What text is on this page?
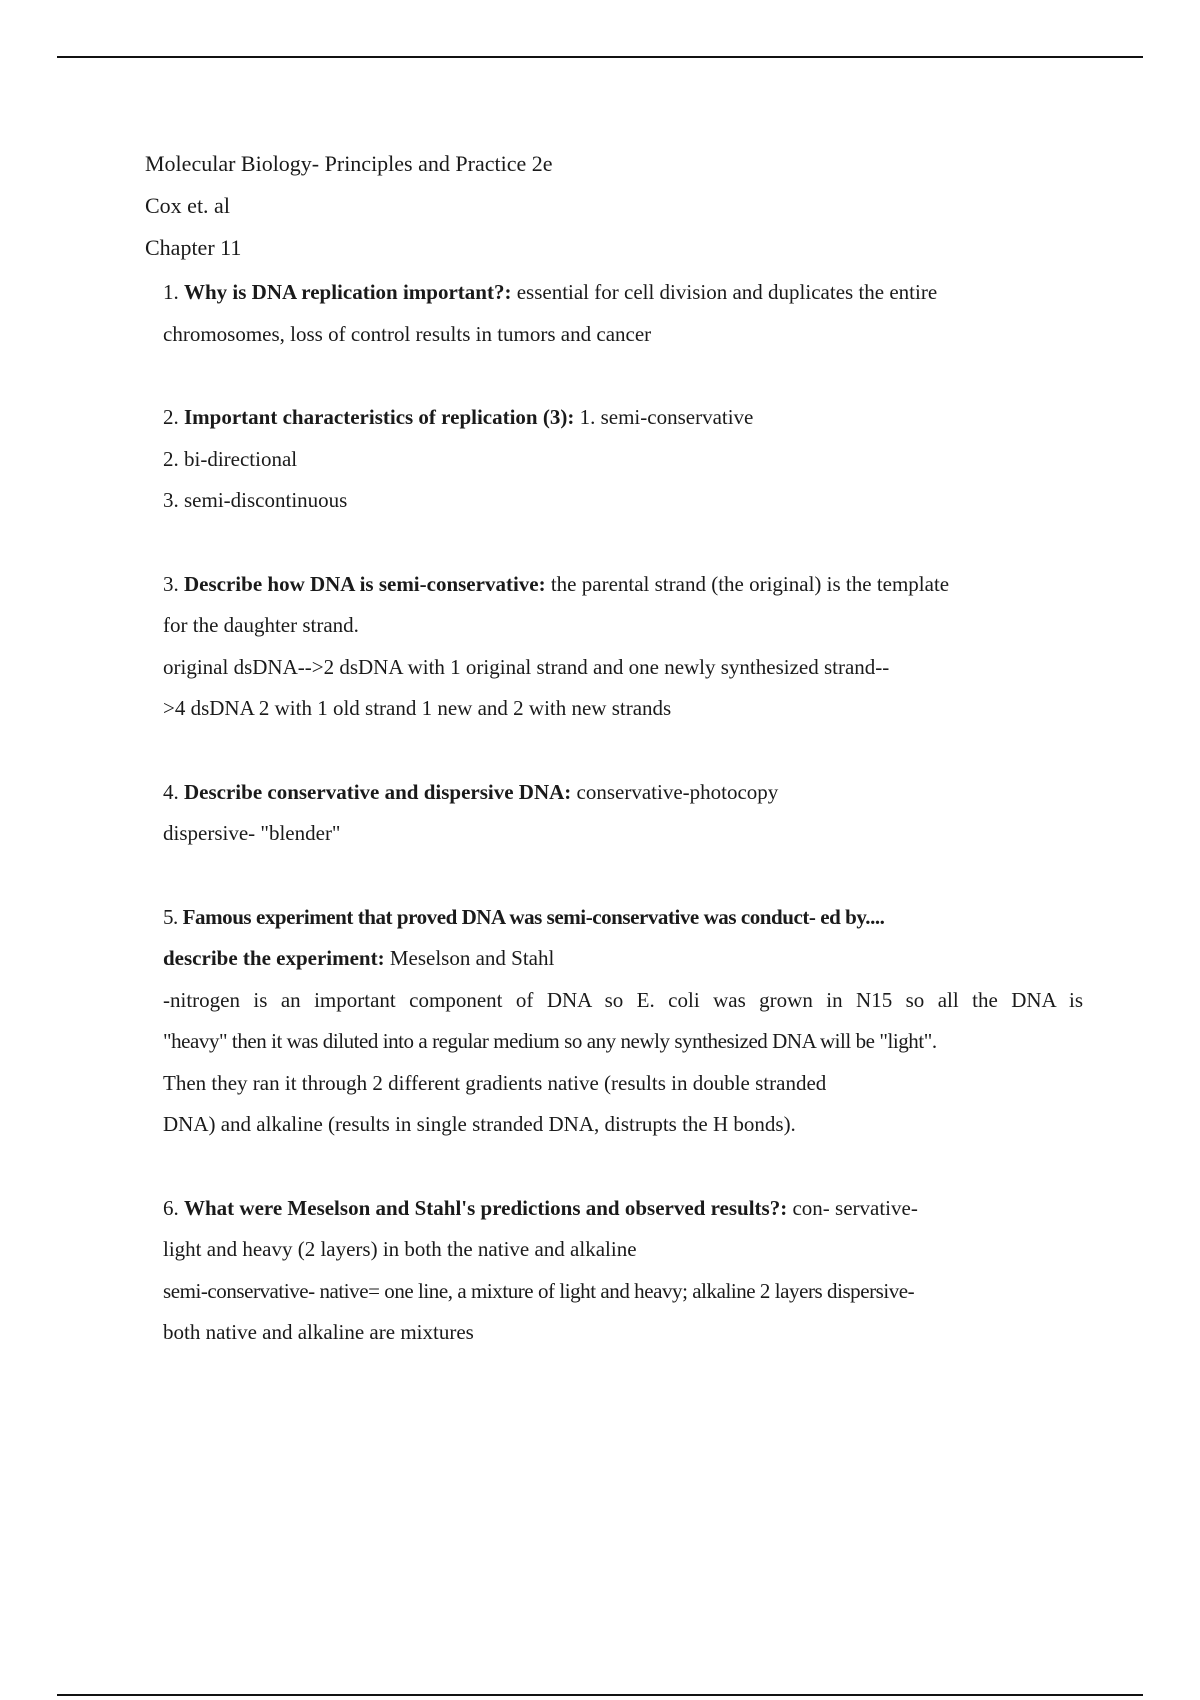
Molecular Biology- Principles and Practice 2e
Cox et. al
Chapter 11

1. Why is DNA replication important?: essential for cell division and duplicates the entire

chromosomes, loss of control results in tumors and cancer

2. Important characteristics of replication (3): 1. semi-conservative

2. bi-directional

3. semi-discontinuous

3. Describe how DNA is semi-conservative: the parental strand (the original) is the template

for the daughter strand.

original dsDNA-->2 dsDNA with 1 original strand and one newly synthesized strand--

>4 dsDNA 2 with 1 old strand 1 new and 2 with new strands

4. Describe conservative and dispersive DNA: conservative-photocopy

dispersive- "blender"

5. Famous experiment that proved DNA was semi-conservative was conduct- ed by....

describe the experiment: Meselson and Stahl

-nitrogen is an important component of DNA so E. coli was grown in N15 so all the DNA is

"heavy" then it was diluted into a regular medium so any newly synthesized DNA will be "light".

Then they ran it through 2 different gradients native (results in double stranded

DNA) and alkaline (results in single stranded DNA, distrupts the H bonds).

6. What were Meselson and Stahl's predictions and observed results?: con- servative-

light and heavy (2 layers) in both the native and alkaline

semi-conservative- native= one line, a mixture of light and heavy; alkaline 2 layers dispersive-

both native and alkaline are mixtures
